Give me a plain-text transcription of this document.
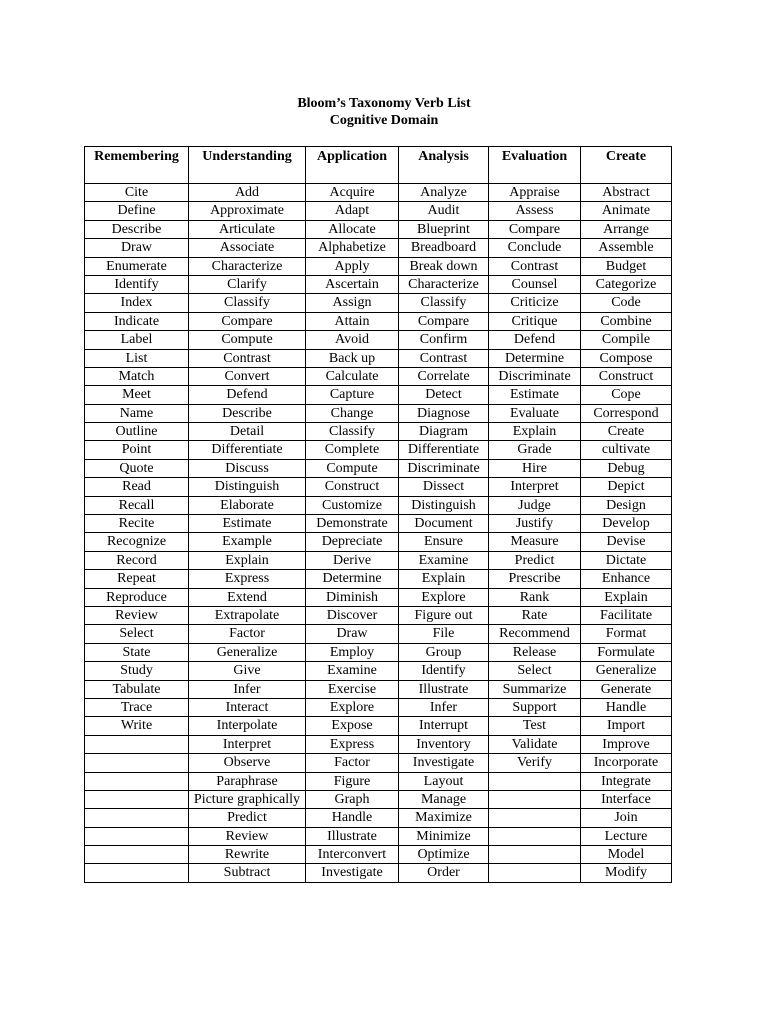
Bloom’s Taxonomy Verb List
Cognitive Domain
Remembering	Understanding	Application	Analysis	Evaluation	Create
Cite	Add	Acquire	Analyze	Appraise	Abstract
Define	Approximate	Adapt	Audit	Assess	Animate
Describe	Articulate	Allocate	Blueprint	Compare	Arrange
Draw	Associate	Alphabetize	Breadboard	Conclude	Assemble
Enumerate	Characterize	Apply	Break down	Contrast	Budget
Identify	Clarify	Ascertain	Characterize	Counsel	Categorize
Index	Classify	Assign	Classify	Criticize	Code
Indicate	Compare	Attain	Compare	Critique	Combine
Label	Compute	Avoid	Confirm	Defend	Compile
List	Contrast	Back up	Contrast	Determine	Compose
Match	Convert	Calculate	Correlate	Discriminate	Construct
Meet	Defend	Capture	Detect	Estimate	Cope
Name	Describe	Change	Diagnose	Evaluate	Correspond
Outline	Detail	Classify	Diagram	Explain	Create
Point	Differentiate	Complete	Differentiate	Grade	cultivate
Quote	Discuss	Compute	Discriminate	Hire	Debug
Read	Distinguish	Construct	Dissect	Interpret	Depict
Recall	Elaborate	Customize	Distinguish	Judge	Design
Recite	Estimate	Demonstrate	Document	Justify	Develop
Recognize	Example	Depreciate	Ensure	Measure	Devise
Record	Explain	Derive	Examine	Predict	Dictate
Repeat	Express	Determine	Explain	Prescribe	Enhance
Reproduce	Extend	Diminish	Explore	Rank	Explain
Review	Extrapolate	Discover	Figure out	Rate	Facilitate
Select	Factor	Draw	File	Recommend	Format
State	Generalize	Employ	Group	Release	Formulate
Study	Give	Examine	Identify	Select	Generalize
Tabulate	Infer	Exercise	Illustrate	Summarize	Generate
Trace	Interact	Explore	Infer	Support	Handle
Write	Interpolate	Expose	Interrupt	Test	Import
	Interpret	Express	Inventory	Validate	Improve
	Observe	Factor	Investigate	Verify	Incorporate
	Paraphrase	Figure	Layout		Integrate
	Picture graphically	Graph	Manage		Interface
	Predict	Handle	Maximize		Join
	Review	Illustrate	Minimize		Lecture
	Rewrite	Interconvert	Optimize		Model
	Subtract	Investigate	Order		Modify
